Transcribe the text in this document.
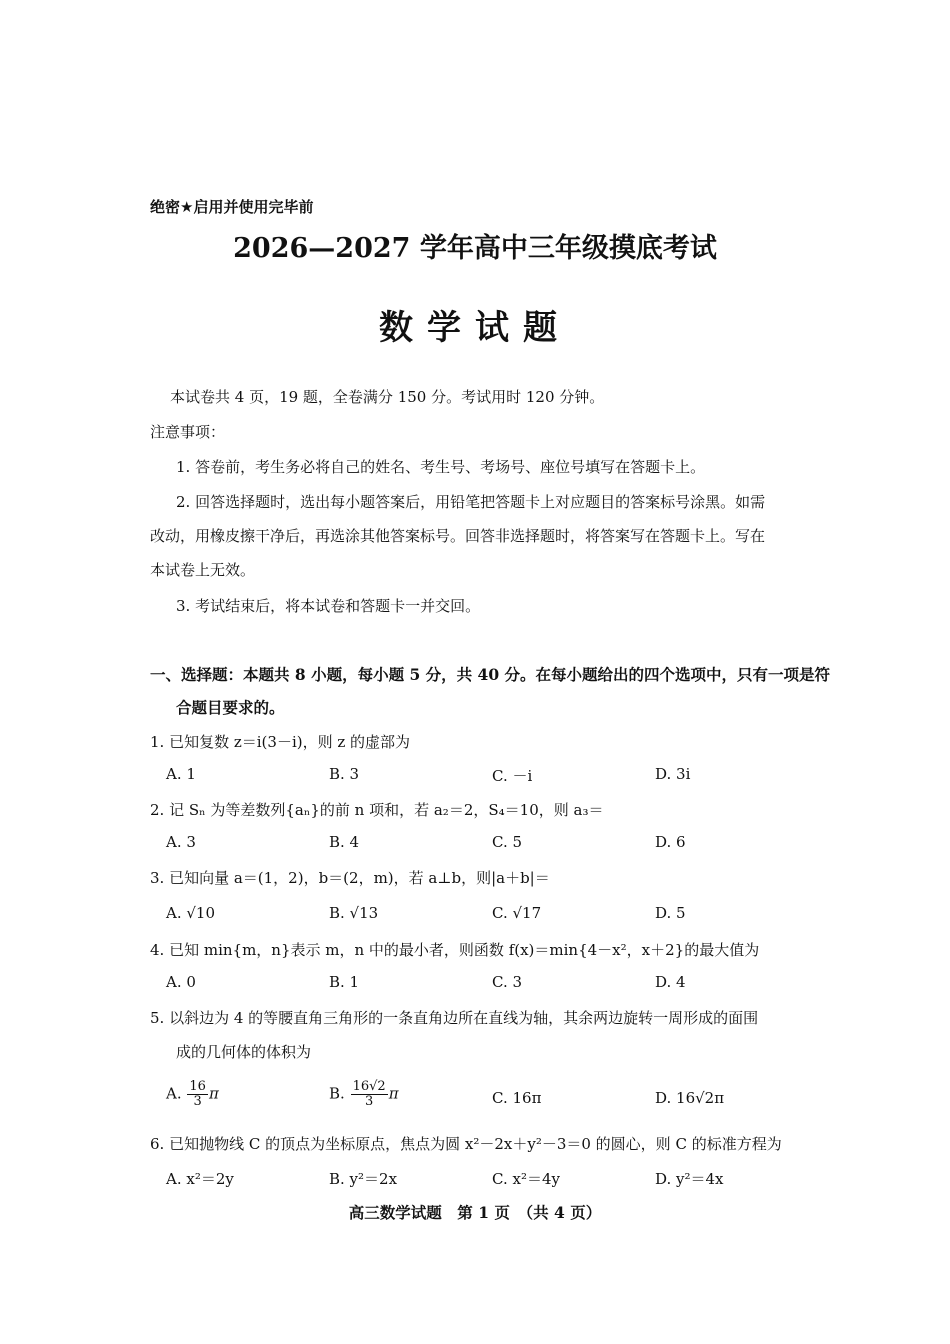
绝密★启用并使用完毕前
2026—2027 学年高中三年级摸底考试
数学试题
本试卷共 4 页，19 题，全卷满分 150 分。考试用时 120 分钟。
注意事项：
1. 答卷前，考生务必将自己的姓名、考生号、考场号、座位号填写在答题卡上。
2. 回答选择题时，选出每小题答案后，用铅笔把答题卡上对应题目的答案标号涂黑。如需
改动，用橡皮擦干净后，再选涂其他答案标号。回答非选择题时，将答案写在答题卡上。写在
本试卷上无效。
3. 考试结束后，将本试卷和答题卡一并交回。
一、选择题：本题共 8 小题，每小题 5 分，共 40 分。在每小题给出的四个选项中，只有一项是符
合题目要求的。
1. 已知复数 z＝i(3－i)，则 z 的虚部为
A. 1	B. 3	C. －i	D. 3i
2. 记 Sₙ 为等差数列{aₙ}的前 n 项和，若 a₂＝2，S₄＝10，则 a₃＝
A. 3	B. 4	C. 5	D. 6
3. 已知向量 a＝(1，2)，b＝(2，m)，若 a⊥b，则|a＋b|＝
A. √10	B. √13	C. √17	D. 5
4. 已知 min{m，n}表示 m，n 中的最小者，则函数 f(x)＝min{4－x²，x＋2}的最大值为
A. 0	B. 1	C. 3	D. 4
5. 以斜边为 4 的等腰直角三角形的一条直角边所在直线为轴，其余两边旋转一周形成的面围
成的几何体的体积为
A. $\frac{16}{3}$ π	B. $\frac{16√2}{3}$ π	C. 16π	D. 16√2π
6. 已知抛物线 C 的顶点为坐标原点，焦点为圆 x²－2x＋y²－3＝0 的圆心，则 C 的标准方程为
A. x²＝2y	B. y²＝2x	C. x²＝4y	D. y²＝4x
高三数学试题　第 1 页　（共 4 页）
